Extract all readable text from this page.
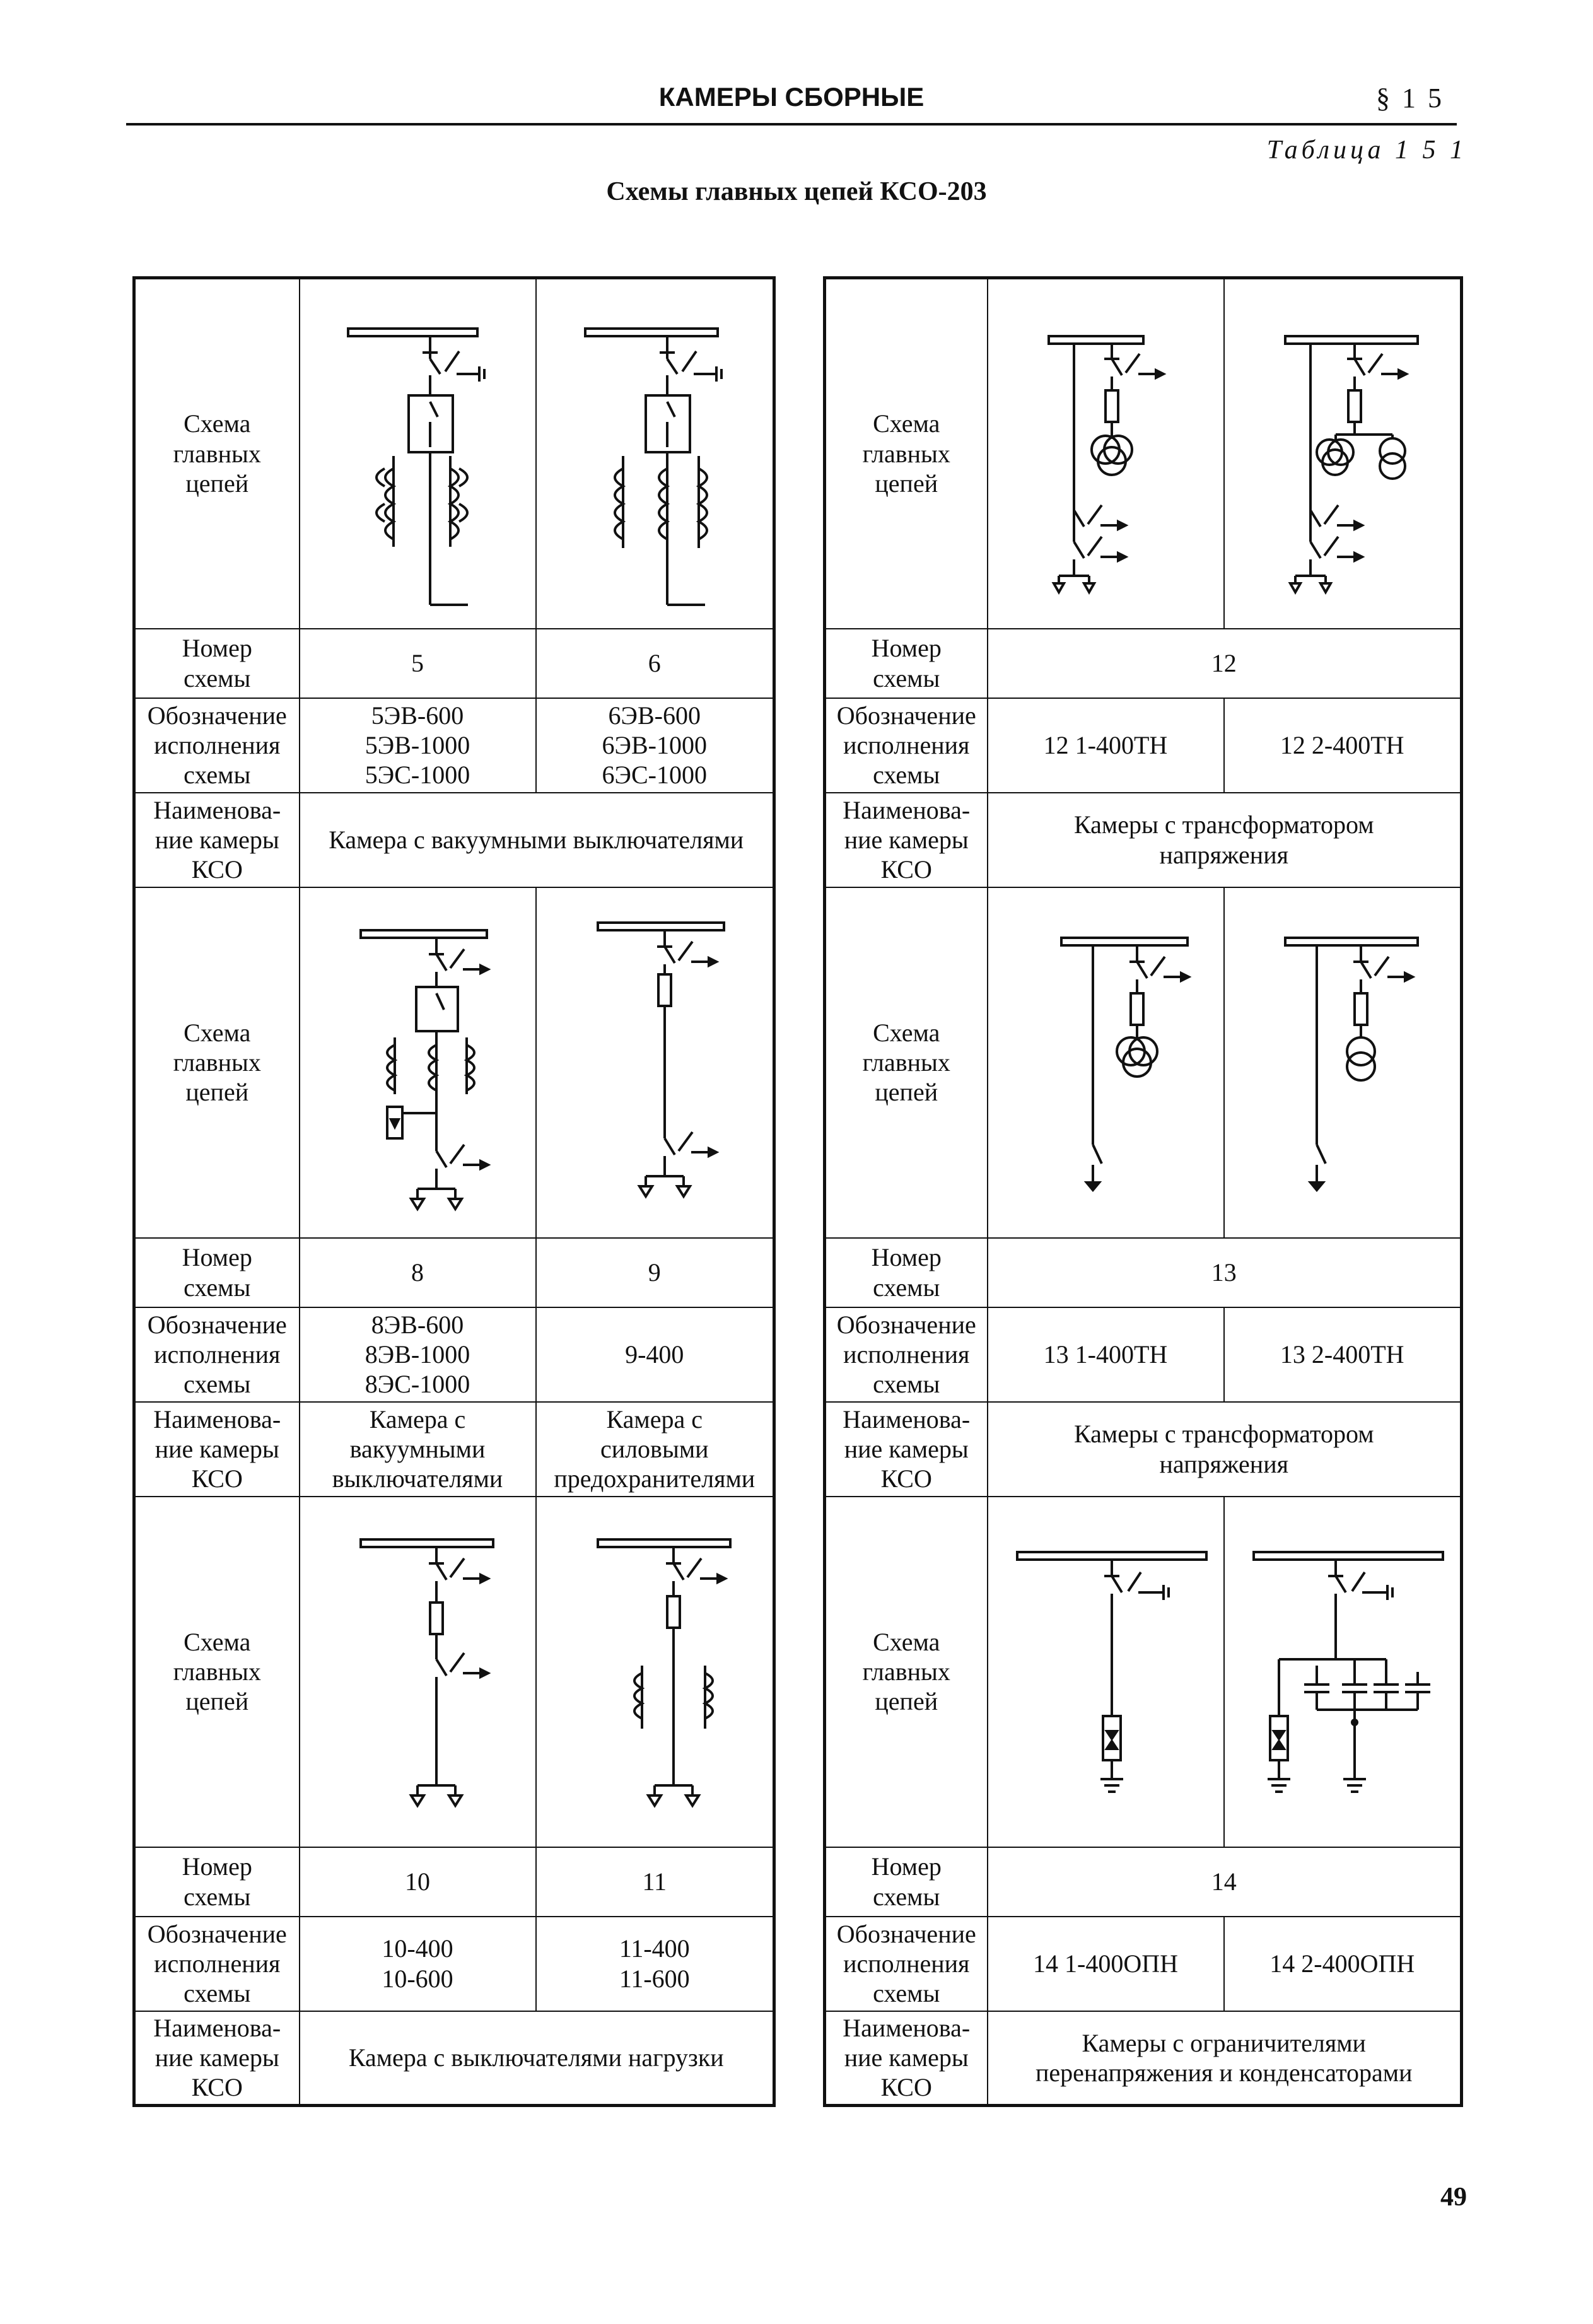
КАМЕРЫ СБОРНЫЕ	§ 1 5
Таблица 1 5 1
Схемы главных цепей КСО-203
Схема
главных
цепей

Номер
схемы	5	6

Обозначение
исполнения
схемы	5ЭВ-600
5ЭВ-1000
5ЭС-1000	6ЭВ-600
6ЭВ-1000
6ЭС-1000

Наименова-
ние камеры
КСО	Камера с вакуумными выключателями	

Схема
главных
цепей

Номер
схемы	8	9

Обозначение
исполнения
схемы	8ЭВ-600
8ЭВ-1000
8ЭС-1000	9-400

Наименова-
ние камеры
КСО	Камера с
вакуумными
выключателями	Камера с
силовыми
предохранителями

Схема
главных
цепей

Номер
схемы	10	11

Обозначение
исполнения
схемы	10-400
10-600	11-400
11-600

Наименова-
ние камеры
КСО	Камера с выключателями нагрузки	
Схема
главных
цепей

Номер
схемы	12	

Обозначение
исполнения
схемы	12 1-400ТН	12 2-400ТН

Наименова-
ние камеры
КСО	Камеры с трансформатором
напряжения	

Схема
главных
цепей

Номер
схемы	13	

Обозначение
исполнения
схемы	13 1-400ТН	13 2-400ТН

Наименова-
ние камеры
КСО	Камеры с трансформатором
напряжения	

Схема
главных
цепей

Номер
схемы	14	

Обозначение
исполнения
схемы	14 1-400ОПН	14 2-400ОПН

Наименова-
ние камеры
КСО	Камеры с ограничителями
перенапряжения и конденсаторами	
49
